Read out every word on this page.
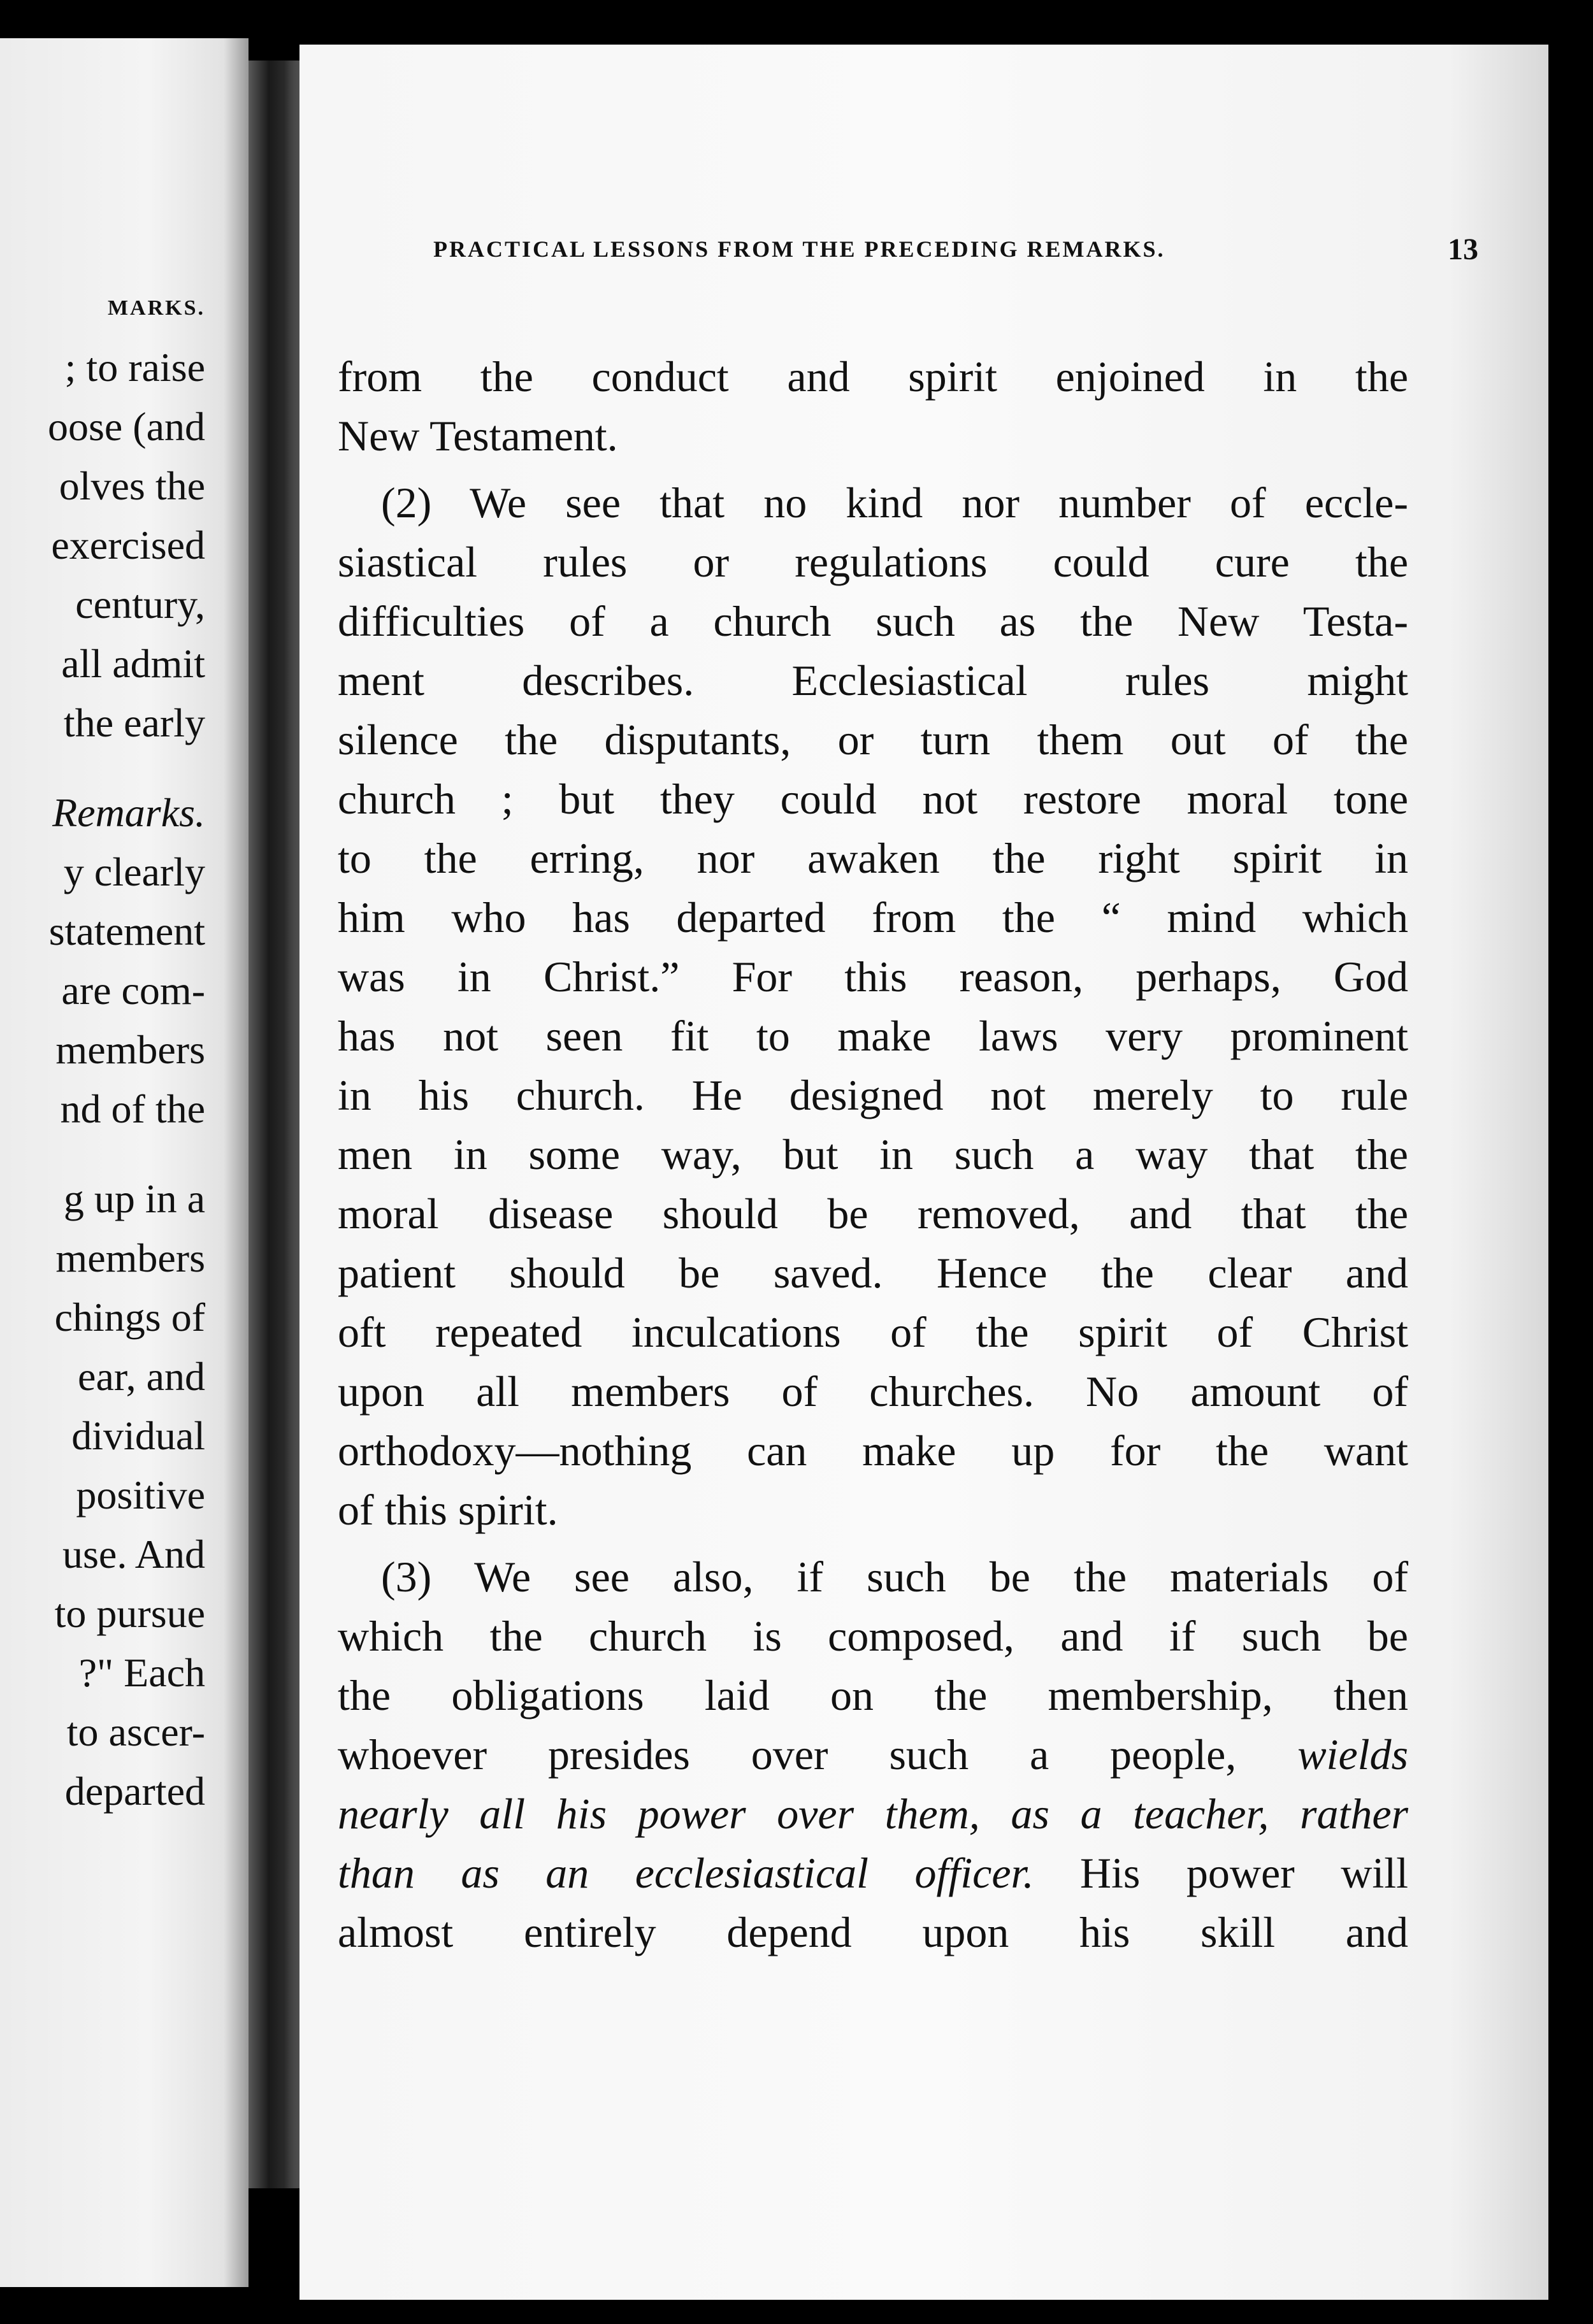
MARKS.
; to raise
oose (and
olves the
exercised
century,
all admit
the early
Remarks.
y clearly
statement
are com-
members
nd of the
g up in a
members
chings of
ear, and
dividual
positive
use. And
to pursue
?" Each
to ascer-
departed
PRACTICAL LESSONS FROM THE PRECEDING REMARKS.	13
from the conduct and spirit enjoined in the
New Testament.
(2) We see that no kind nor number of eccle-
siastical rules or regulations could cure the
difficulties of a church such as the New Testa-
ment describes. Ecclesiastical rules might
silence the disputants, or turn them out of the
church ; but they could not restore moral tone
to the erring, nor awaken the right spirit in
him who has departed from the “ mind which
was in Christ.” For this reason, perhaps, God
has not seen fit to make laws very prominent
in his church. He designed not merely to rule
men in some way, but in such a way that the
moral disease should be removed, and that the
patient should be saved. Hence the clear and
oft repeated inculcations of the spirit of Christ
upon all members of churches. No amount of
orthodoxy—nothing can make up for the want
of this spirit.
(3) We see also, if such be the materials of
which the church is composed, and if such be
the obligations laid on the membership, then
whoever presides over such a people, wields
nearly all his power over them, as a teacher, rather
than as an ecclesiastical officer. His power will
almost entirely depend upon his skill and
